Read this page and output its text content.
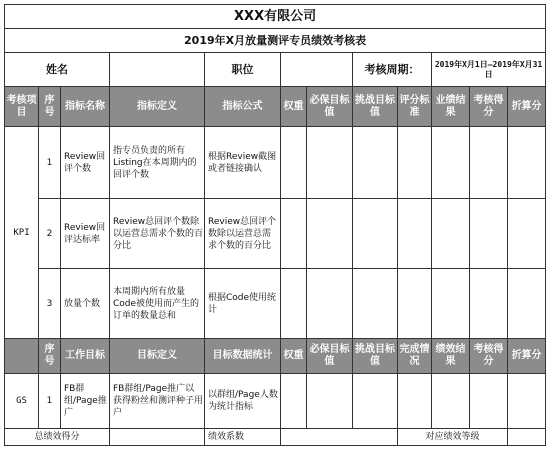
XXX有限公司											
2019年X月放量测评专员绩效考核表											
姓名				职位			考核周期：		2019年X月1日—2019年X月31日		
考核项目	序号	指标名称	指标定义	指标公式	权重	必保目标值	挑战目标值	评分标准	业绩结果	考核得分	折算分
KPI	1	Review回评个数	指专员负责的所有Listing在本周期内的回评个数	根据Review截图或者链接确认							
	2	Review回评达标率	Review总回评个数除以运营总需求个数的百分比	Review总回评个数除以运营总需求个数的百分比							
	3	放量个数	本周期内所有放量Code被使用而产生的订单的数量总和	根据Code使用统计							
	序号	工作目标	目标定义	目标数据统计	权重	必保目标值	挑战目标值	完成情况	绩效结果	考核得分	折算分
GS	1	FB群组/Page推广	FB群组/Page推广以获得粉丝和测评种子用户	以群组/Page人数为统计指标							
总绩效得分				绩效系数				对应绩效等级			
